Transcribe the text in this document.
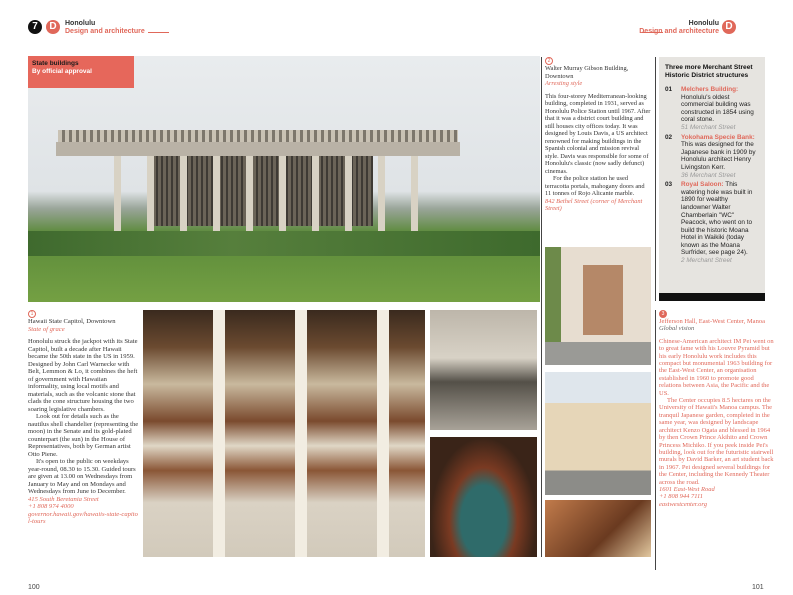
7	D	Honolulu
Design and architecture
Honolulu
Design and architecture D
State buildings
By official approval
1
Hawaii State Capitol, Downtown
State of grace

Honolulu struck the jackpot with its State Capitol, built a decade after Hawaii became the 50th state in the US in 1959. Designed by John Carl Warnecke with Belt, Lemmon & Lo, it combines the heft of government with Hawaiian informality, using local motifs and materials, such as the volcanic stone that clads the cone structure housing the two soaring legislative chambers.

Look out for details such as the nautilus shell chandelier (representing the moon) in the Senate and its gold-plated counterpart (the sun) in the House of Representatives, both by German artist Otto Piene.

It's open to the public on weekdays year-round, 08.30 to 15.30. Guided tours are given at 13.00 on Wednesdays from January to May and on Mondays and Wednesdays from June to December.

415 South Beretania Street
+1 808 974 4000
governor.hawaii.gov/hawaiis-state-capitol-tours
2
Walter Murray Gibson Building, Downtown
Arresting style

This four-storey Mediterranean-looking building, completed in 1931, served as Honolulu Police Station until 1967. After that it was a district court building and still houses city offices today. It was designed by Louis Davis, a US architect renowned for making buildings in the Spanish colonial and mission revival style. Davis was responsible for some of Honolulu's classic (now sadly defunct) cinemas.

For the police station he used terracotta portals, mahogany doors and 11 tonnes of Rojo Alicante marble.

842 Bethel Street (corner of Merchant Street)
Three more Merchant Street Historic District structures
01 Melchers Building: Honolulu's oldest commercial building was constructed in 1854 using coral stone.
51 Merchant Street
02 Yokohama Specie Bank: This was designed for the Japanese bank in 1909 by Honolulu architect Henry Livingston Kerr.
36 Merchant Street
03 Royal Saloon: This watering hole was built in 1890 for wealthy landowner Walter Chamberlain "WC" Peacock, who went on to build the historic Moana Hotel in Waikiki (today known as the Moana Surfrider, see page 24).
2 Merchant Street
3
Jefferson Hall, East-West Center, Manoa
Global vision

Chinese-American architect IM Pei went on to great fame with his Louvre Pyramid but his early Honolulu work includes this compact but monumental 1963 building for the East-West Center, an organisation established in 1960 to promote good relations between Asia, the Pacific and the US.

The Center occupies 8.5 hectares on the University of Hawaii's Manoa campus. The tranquil Japanese garden, completed in the same year, was designed by landscape architect Kenzo Ogata and blessed in 1964 by then Crown Prince Akihito and Crown Princess Michiko. If you peek inside Pei's building, look out for the futuristic stairwell murals by David Barker, an art student back in 1967. Pei designed several buildings for the Center, including the Kennedy Theater across the road.

1601 East-West Road
+1 808 944 7111
eastwestcenter.org
100	101
